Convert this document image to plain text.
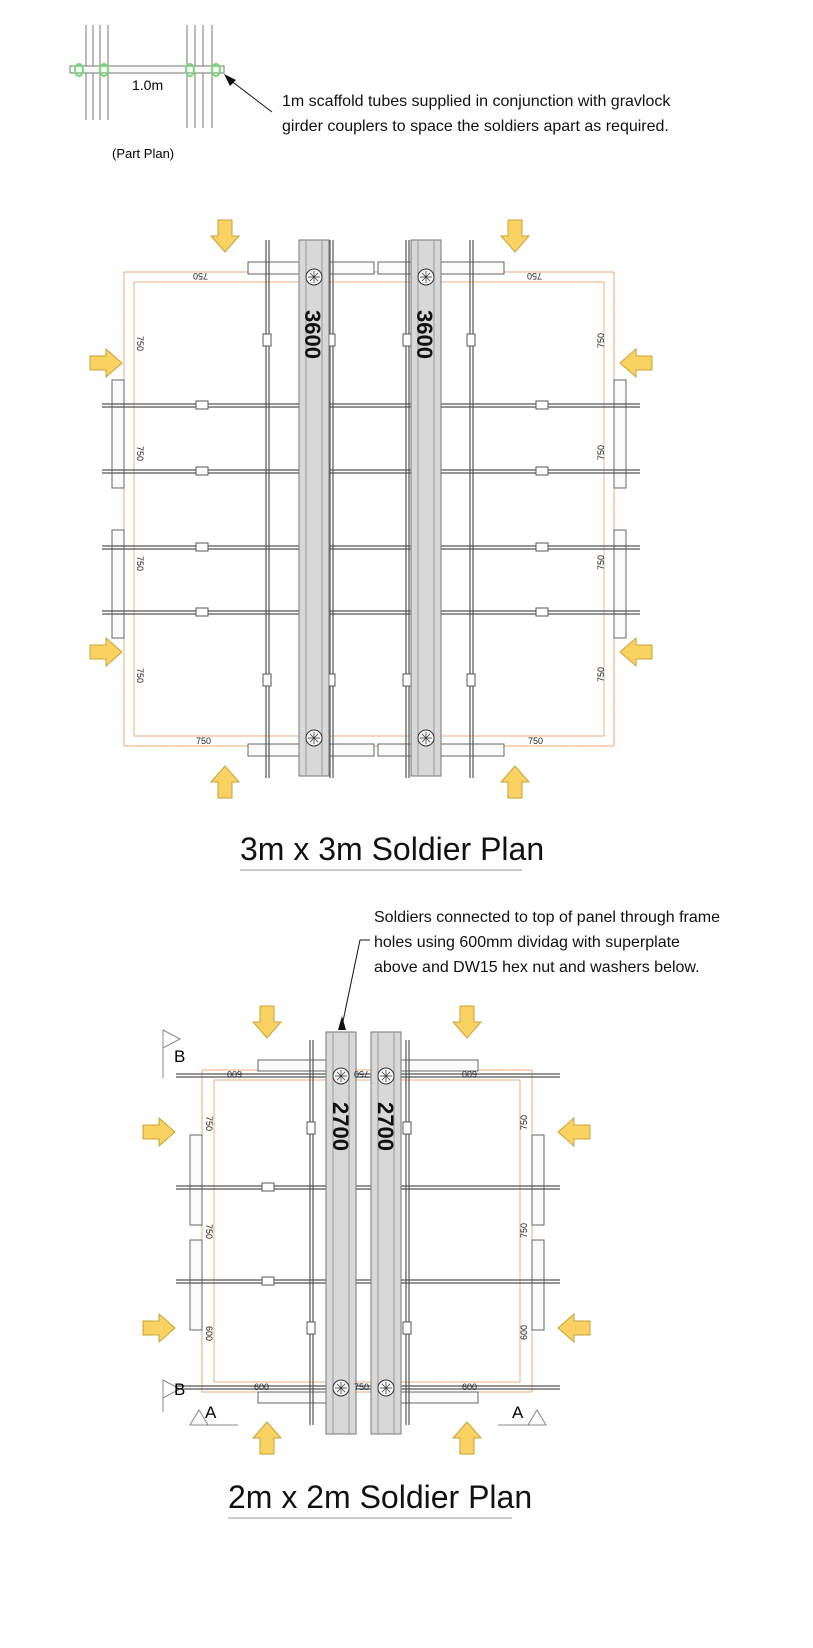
1.0m
(Part Plan)
1m scaffold tubes supplied in conjunction with gravlock
girder couplers to space the soldiers apart as required.
3600	3600
750	750
750	750
750
750
750
750
750
750
750
750
3m x 3m Soldier Plan
Soldiers connected to top of panel through frame
holes using 600mm dividag with superplate
above and DW15 hex nut and washers below.
2700 2700
600	750	600
600	750	600
750
750
600
750
750
600
B
B
A	A
2m x 2m Soldier Plan
